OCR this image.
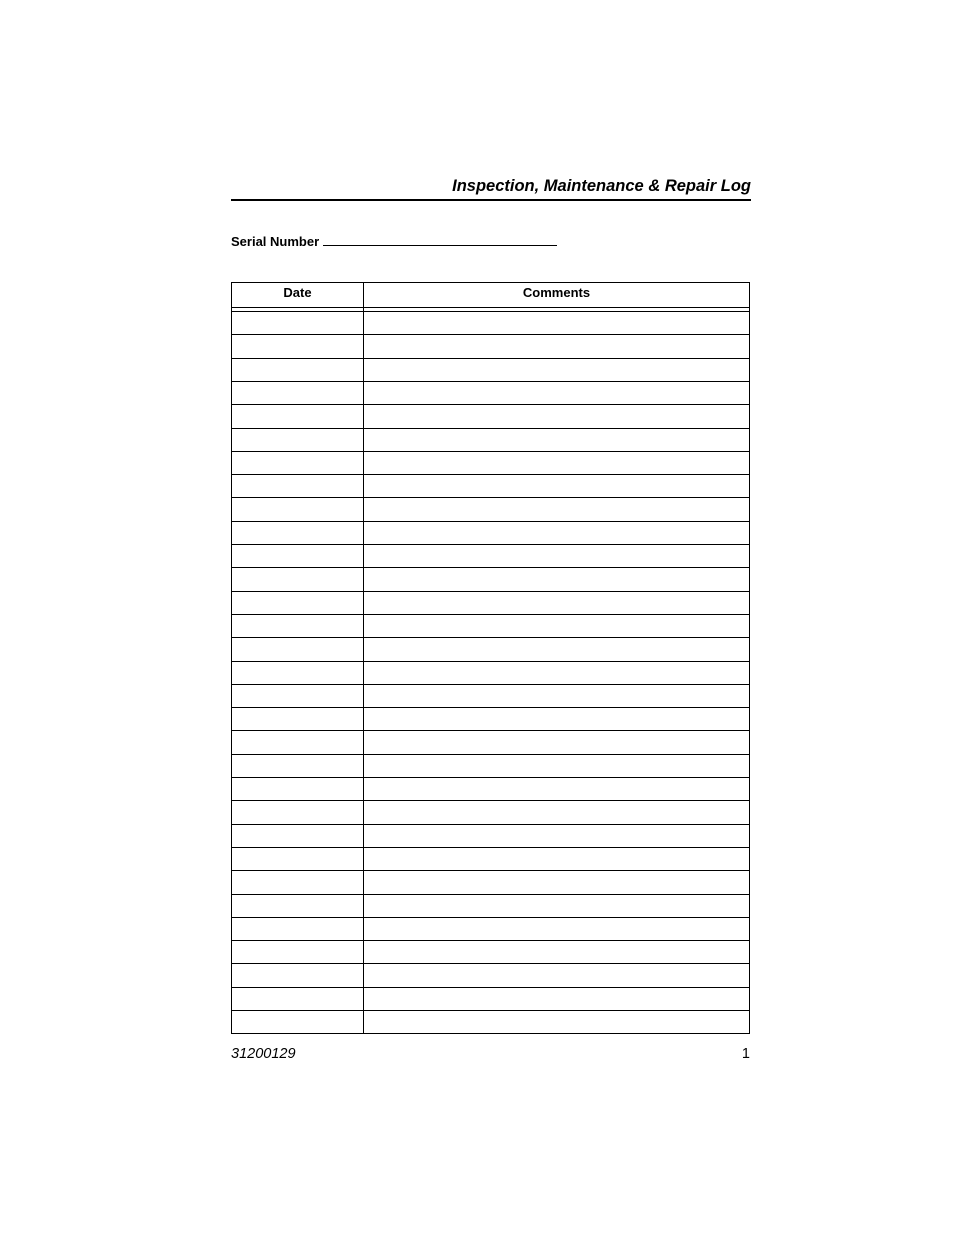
Inspection, Maintenance & Repair Log
Serial Number
Date	Comments
31200129	1
